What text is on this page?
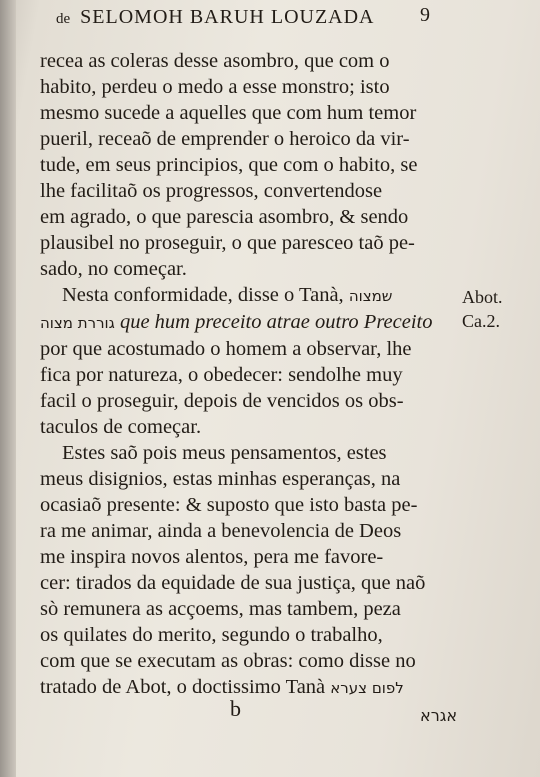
de SELOMOH BARUH LOUZADA	9
recea as coleras desse asombro, que com o
habito, perdeu o medo a esse monstro; isto
mesmo sucede a aquelles que com hum temor
pueril, receaõ de emprender o heroico da vir-
tude, em seus principios, que com o habito, se
lhe facilitaõ os progressos, convertendose
em agrado, o que parescia asombro, & sendo
plausibel no proseguir, o que paresceo taõ pe-
sado, no começar.
Nesta conformidade, disse o Tanà, שמצוה
גוררת מצוה que hum preceito atrae outro Preceito
por que acostumado o homem a observar, lhe
fica por natureza, o obedecer: sendolhe muy
facil o proseguir, depois de vencidos os obs-
taculos de começar.
Estes saõ pois meus pensamentos, estes
meus disignios, estas minhas esperanças, na
ocasiaõ presente: & suposto que isto basta pe-
ra me animar, ainda a benevolencia de Deos
me inspira novos alentos, pera me favore-
cer: tirados da equidade de sua justiça, que naõ
sò remunera as acçoems, mas tambem, peza
os quilates do merito, segundo o trabalho,
com que se executam as obras: como disse no
tratado de Abot, o doctissimo Tanà לפום צערא
Abot.
Ca.2.
b	אגרא
